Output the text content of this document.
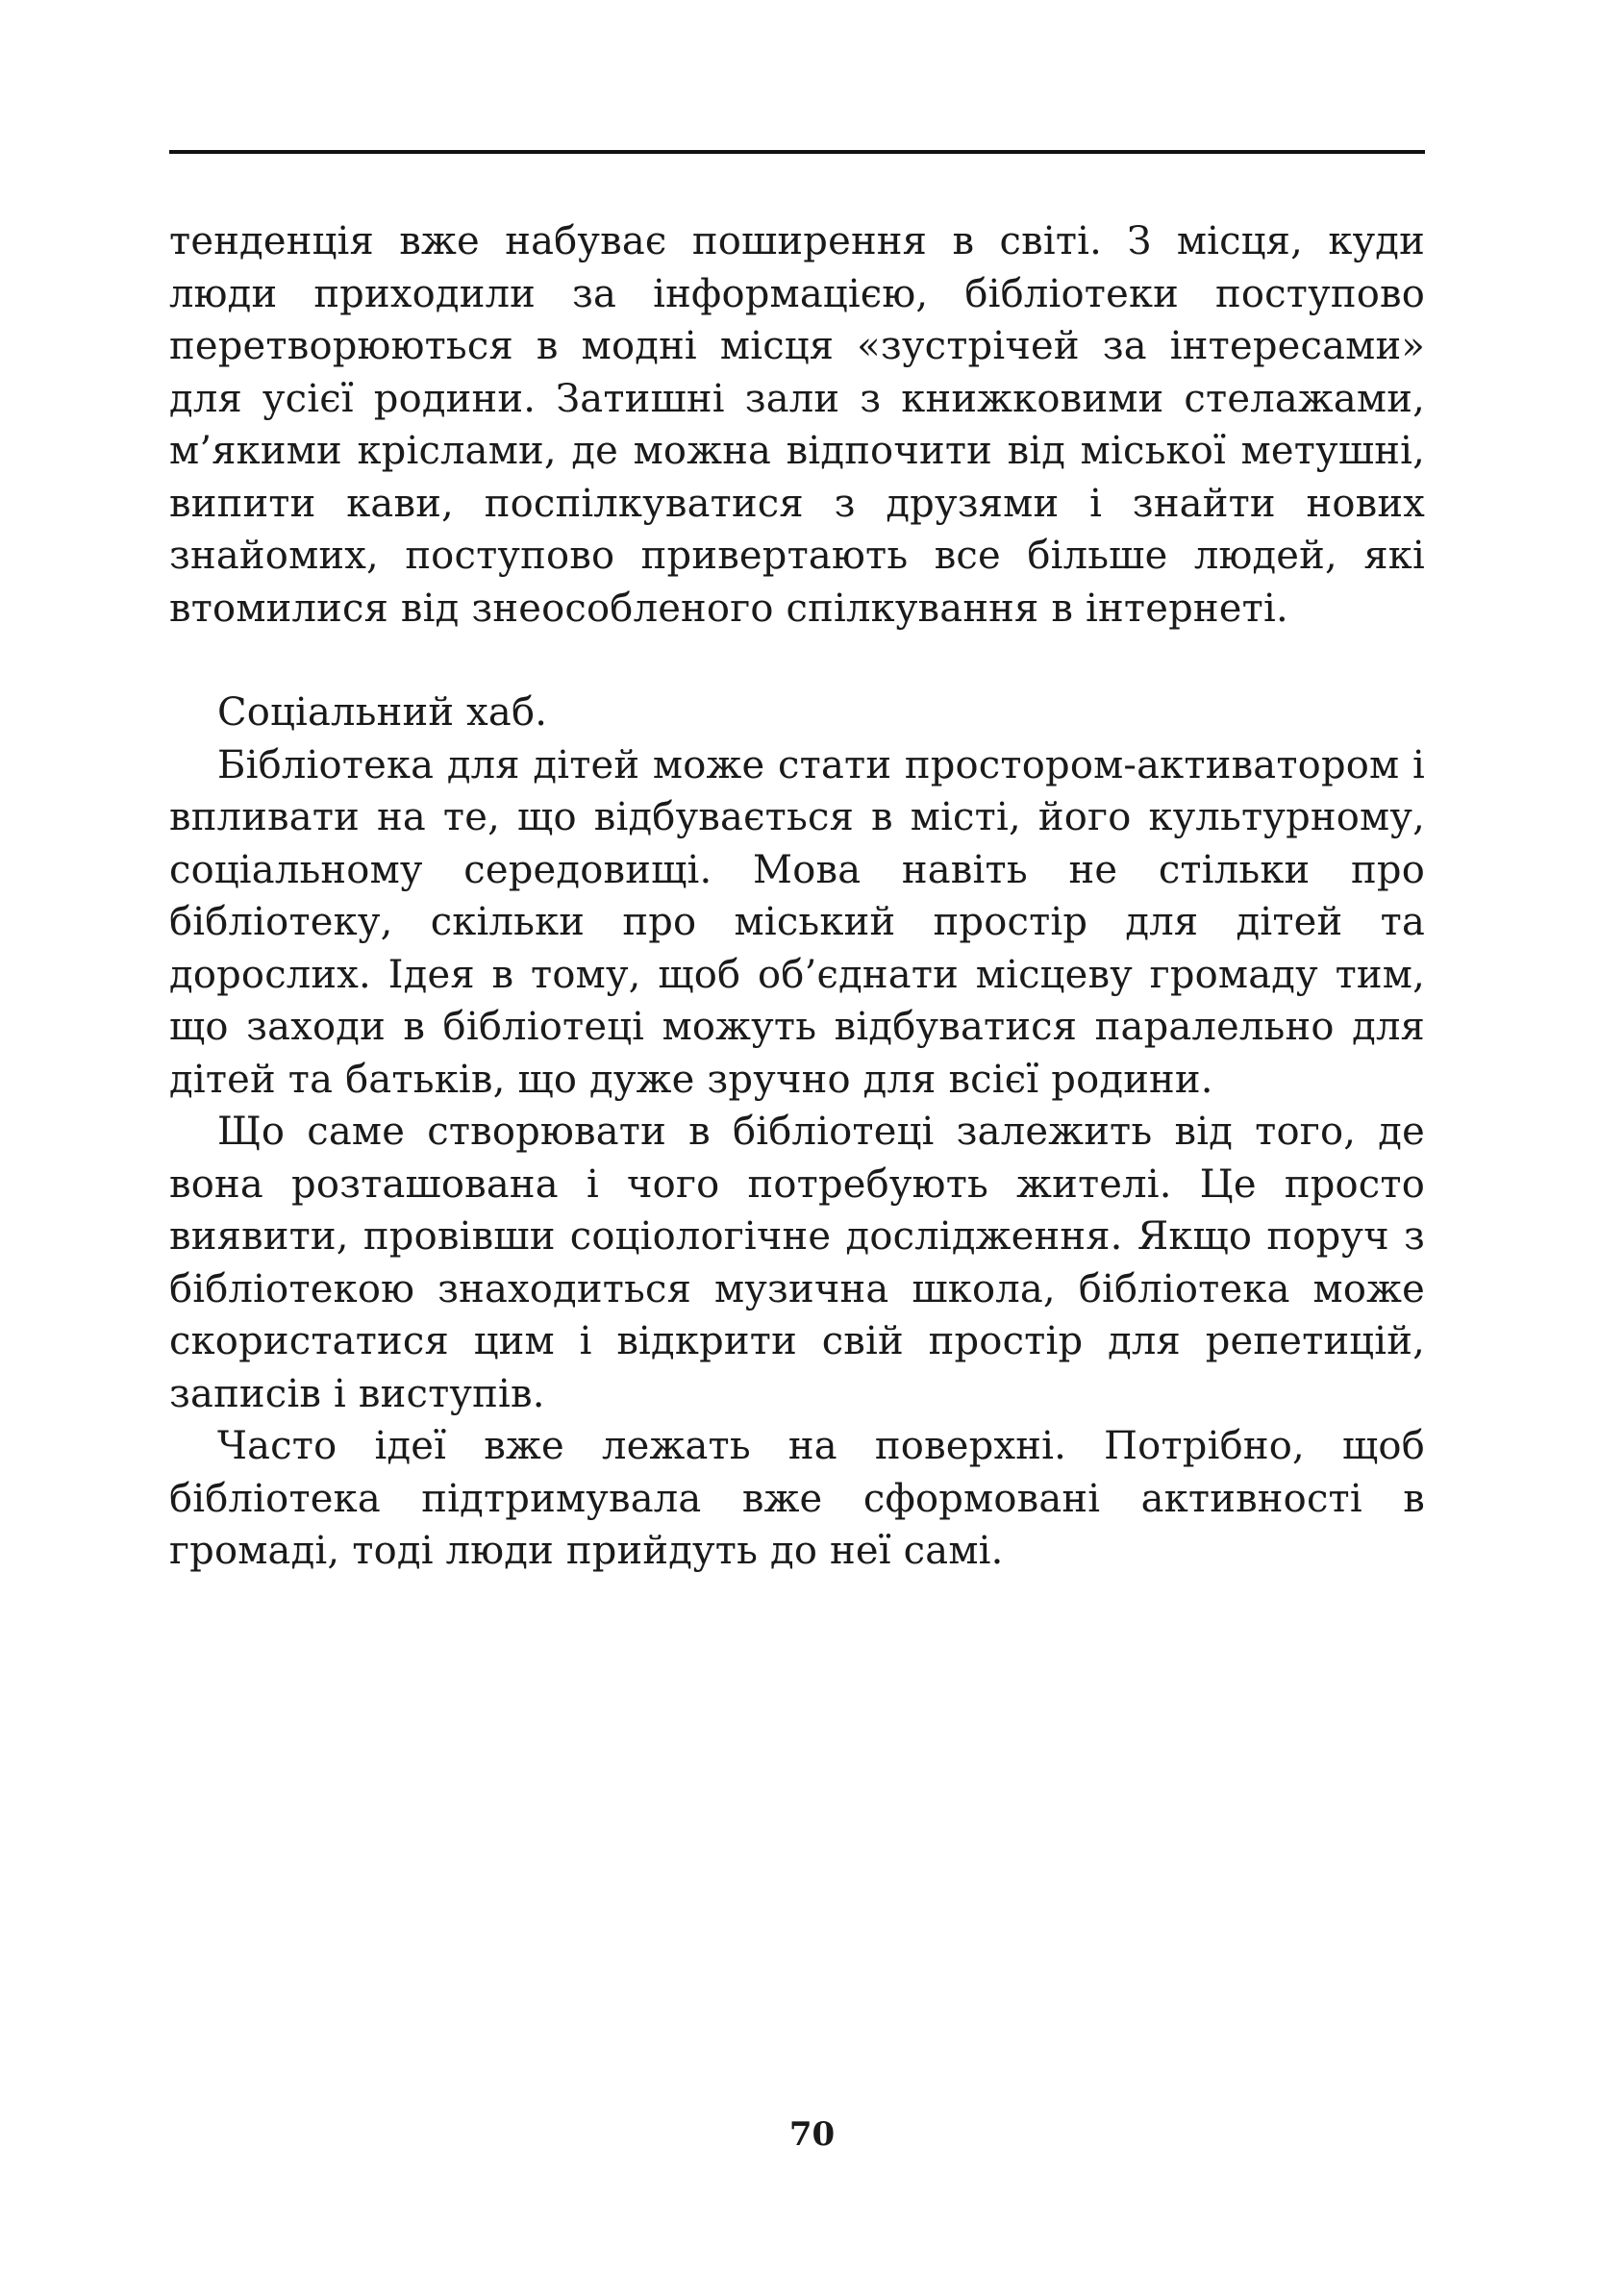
тенденція вже набуває поширення в світі. З місця, куди люди приходили за інформацією, бібліотеки поступово перетворюються в модні місця «зустрічей за інтересами» для усієї родини. Затишні зали з книжковими стелажами, м’якими кріслами, де можна відпочити від міської метушні, випити кави, поспілкуватися з друзями і знайти нових знайомих, поступово привертають все більше людей, які втомилися від знеособленого спілкування в інтернеті.

Соціальний хаб.

Бібліотека для дітей може стати простором-активатором і впливати на те, що відбувається в місті, його культурному, соціальному середовищі. Мова навіть не стільки про бібліотеку, скільки про міський простір для дітей та дорослих. Ідея в тому, щоб об’єднати місцеву громаду тим, що заходи в бібліотеці можуть відбуватися паралельно для дітей та батьків, що дуже зручно для всієї родини.

Що саме створювати в бібліотеці залежить від того, де вона розташована і чого потребують жителі. Це просто виявити, провівши соціологічне дослідження. Якщо поруч з бібліотекою знаходиться музична школа, бібліотека може скористатися цим і відкрити свій простір для репетицій, записів і виступів.

Часто ідеї вже лежать на поверхні. Потрібно, щоб бібліотека підтримувала вже сформовані активності в громаді, тоді люди прийдуть до неї самі.

70
